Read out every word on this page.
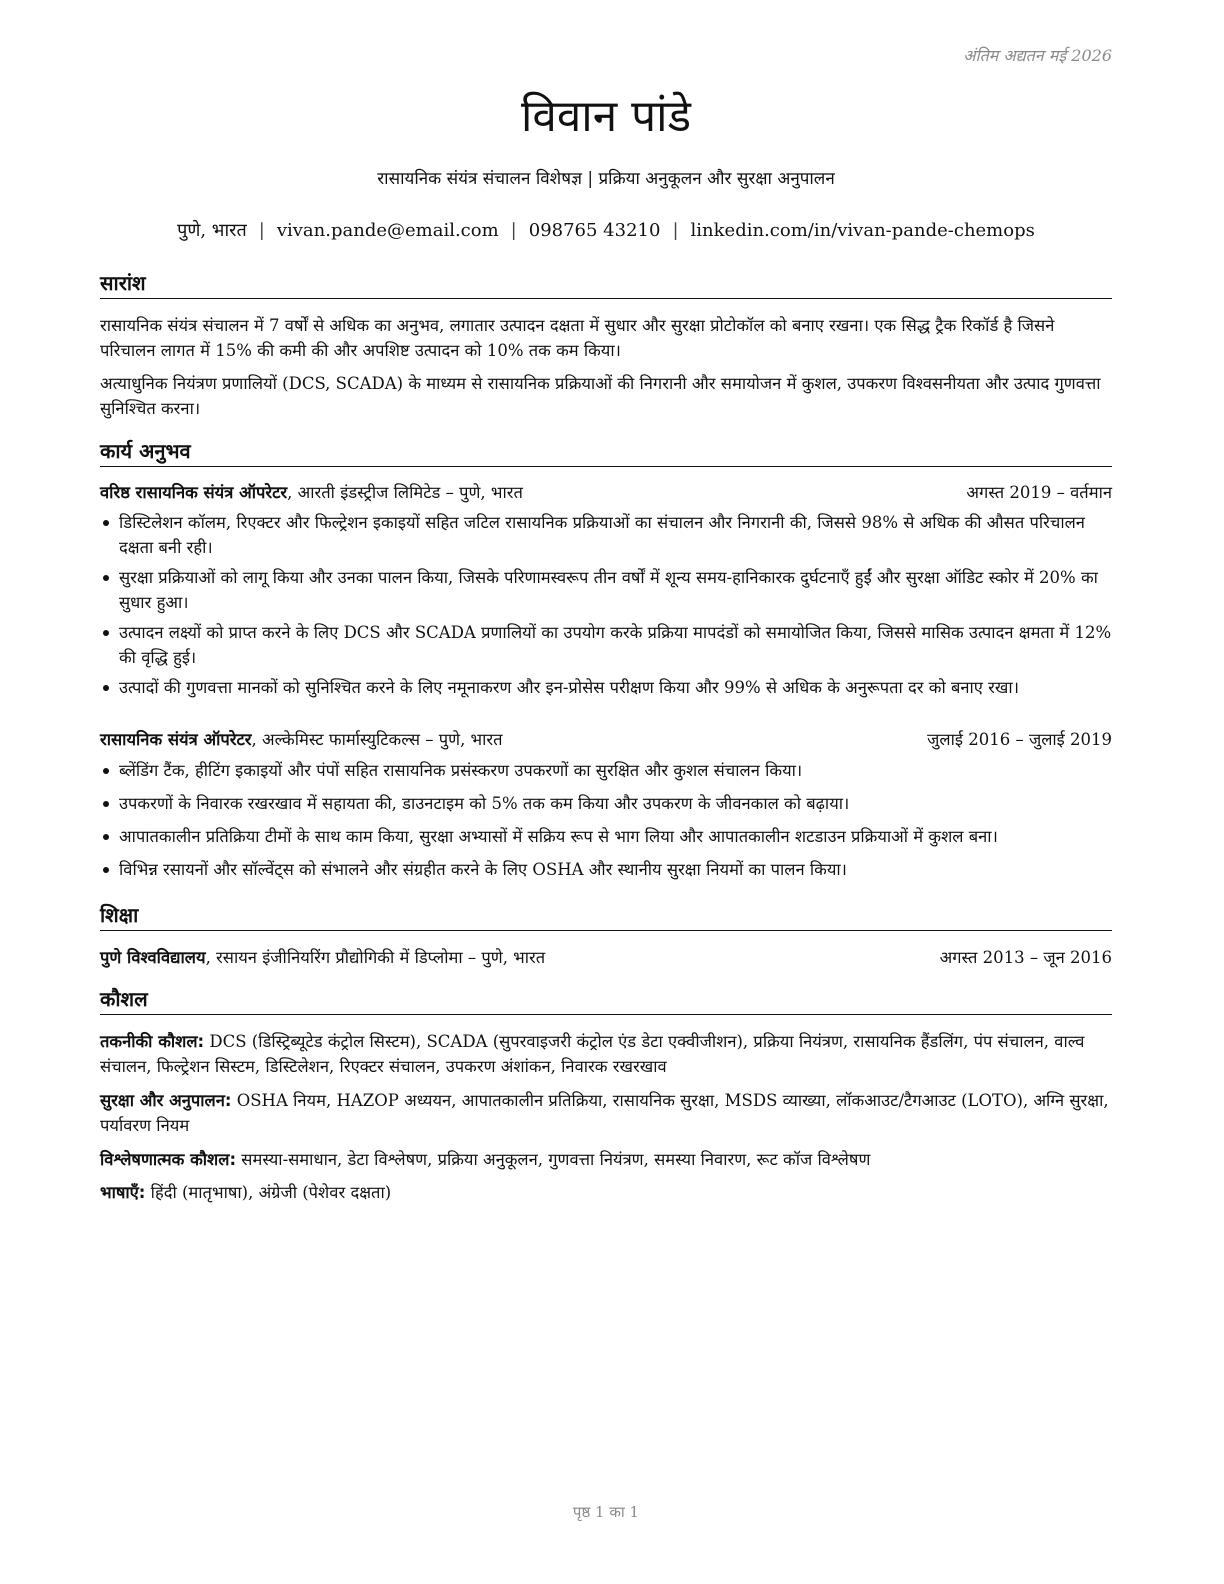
अंतिम अद्यतन मई 2026
विवान पांडे
रासायनिक संयंत्र संचालन विशेषज्ञ | प्रक्रिया अनुकूलन और सुरक्षा अनुपालन
पुणे, भारत | vivan.pande@email.com | 098765 43210 | linkedin.com/in/vivan-pande-chemops
सारांश
रासायनिक संयंत्र संचालन में 7 वर्षों से अधिक का अनुभव, लगातार उत्पादन दक्षता में सुधार और सुरक्षा प्रोटोकॉल को बनाए रखना। एक सिद्ध ट्रैक रिकॉर्ड है जिसने परिचालन लागत में 15% की कमी की और अपशिष्ट उत्पादन को 10% तक कम किया।
अत्याधुनिक नियंत्रण प्रणालियों (DCS, SCADA) के माध्यम से रासायनिक प्रक्रियाओं की निगरानी और समायोजन में कुशल, उपकरण विश्वसनीयता और उत्पाद गुणवत्ता सुनिश्चित करना।
कार्य अनुभव
वरिष्ठ रासायनिक संयंत्र ऑपरेटर, आरती इंडस्ट्रीज लिमिटेड – पुणे, भारत	अगस्त 2019 – वर्तमान
डिस्टिलेशन कॉलम, रिएक्टर और फिल्ट्रेशन इकाइयों सहित जटिल रासायनिक प्रक्रियाओं का संचालन और निगरानी की, जिससे 98% से अधिक की औसत परिचालन दक्षता बनी रही।
सुरक्षा प्रक्रियाओं को लागू किया और उनका पालन किया, जिसके परिणामस्वरूप तीन वर्षों में शून्य समय-हानिकारक दुर्घटनाएँ हुईं और सुरक्षा ऑडिट स्कोर में 20% का सुधार हुआ।
उत्पादन लक्ष्यों को प्राप्त करने के लिए DCS और SCADA प्रणालियों का उपयोग करके प्रक्रिया मापदंडों को समायोजित किया, जिससे मासिक उत्पादन क्षमता में 12% की वृद्धि हुई।
उत्पादों की गुणवत्ता मानकों को सुनिश्चित करने के लिए नमूनाकरण और इन-प्रोसेस परीक्षण किया और 99% से अधिक के अनुरूपता दर को बनाए रखा।
रासायनिक संयंत्र ऑपरेटर, अल्केमिस्ट फार्मास्युटिकल्स – पुणे, भारत	जुलाई 2016 – जुलाई 2019
ब्लेंडिंग टैंक, हीटिंग इकाइयों और पंपों सहित रासायनिक प्रसंस्करण उपकरणों का सुरक्षित और कुशल संचालन किया।
उपकरणों के निवारक रखरखाव में सहायता की, डाउनटाइम को 5% तक कम किया और उपकरण के जीवनकाल को बढ़ाया।
आपातकालीन प्रतिक्रिया टीमों के साथ काम किया, सुरक्षा अभ्यासों में सक्रिय रूप से भाग लिया और आपातकालीन शटडाउन प्रक्रियाओं में कुशल बना।
विभिन्न रसायनों और सॉल्वेंट्स को संभालने और संग्रहीत करने के लिए OSHA और स्थानीय सुरक्षा नियमों का पालन किया।
शिक्षा
पुणे विश्वविद्यालय, रसायन इंजीनियरिंग प्रौद्योगिकी में डिप्लोमा – पुणे, भारत	अगस्त 2013 – जून 2016
कौशल
तकनीकी कौशल: DCS (डिस्ट्रिब्यूटेड कंट्रोल सिस्टम), SCADA (सुपरवाइजरी कंट्रोल एंड डेटा एक्वीजीशन), प्रक्रिया नियंत्रण, रासायनिक हैंडलिंग, पंप संचालन, वाल्व संचालन, फिल्ट्रेशन सिस्टम, डिस्टिलेशन, रिएक्टर संचालन, उपकरण अंशांकन, निवारक रखरखाव
सुरक्षा और अनुपालन: OSHA नियम, HAZOP अध्ययन, आपातकालीन प्रतिक्रिया, रासायनिक सुरक्षा, MSDS व्याख्या, लॉकआउट/टैगआउट (LOTO), अग्नि सुरक्षा, पर्यावरण नियम
विश्लेषणात्मक कौशल: समस्या-समाधान, डेटा विश्लेषण, प्रक्रिया अनुकूलन, गुणवत्ता नियंत्रण, समस्या निवारण, रूट कॉज विश्लेषण
भाषाएँ: हिंदी (मातृभाषा), अंग्रेजी (पेशेवर दक्षता)
पृष्ठ 1 का 1
